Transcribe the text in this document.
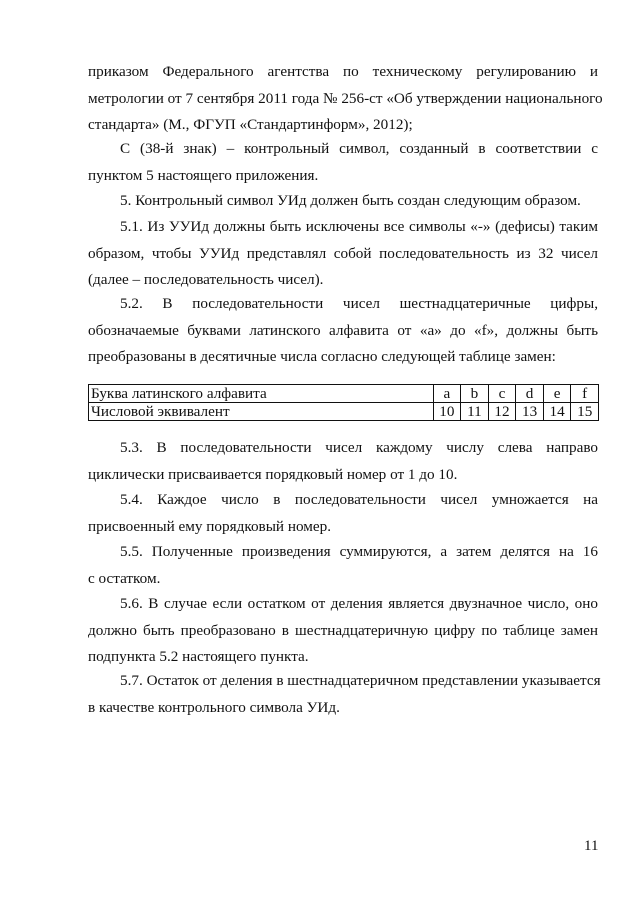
приказом Федерального агентства по техническому регулированию и
метрологии от 7 сентября 2011 года № 256-ст «Об утверждении национального
стандарта» (М., ФГУП «Стандартинформ», 2012);
С (38-й знак) – контрольный символ, созданный в соответствии с
пунктом 5 настоящего приложения.
5. Контрольный символ УИд должен быть создан следующим образом.
5.1. Из УУИд должны быть исключены все символы «-» (дефисы) таким
образом, чтобы УУИд представлял собой последовательность из 32 чисел
(далее – последовательность чисел).
5.2. В последовательности чисел шестнадцатеричные цифры,
обозначаемые буквами латинского алфавита от «a» до «f», должны быть
преобразованы в десятичные числа согласно следующей таблице замен:
Буква латинского алфавита	a	b	c	d	e	f
Числовой эквивалент	10	11	12	13	14	15
5.3. В последовательности чисел каждому числу слева направо
циклически присваивается порядковый номер от 1 до 10.
5.4. Каждое число в последовательности чисел умножается на
присвоенный ему порядковый номер.
5.5. Полученные произведения суммируются, а затем делятся на 16
с остатком.
5.6. В случае если остатком от деления является двузначное число, оно
должно быть преобразовано в шестнадцатеричную цифру по таблице замен
подпункта 5.2 настоящего пункта.
5.7. Остаток от деления в шестнадцатеричном представлении указывается
в качестве контрольного символа УИд.
11
